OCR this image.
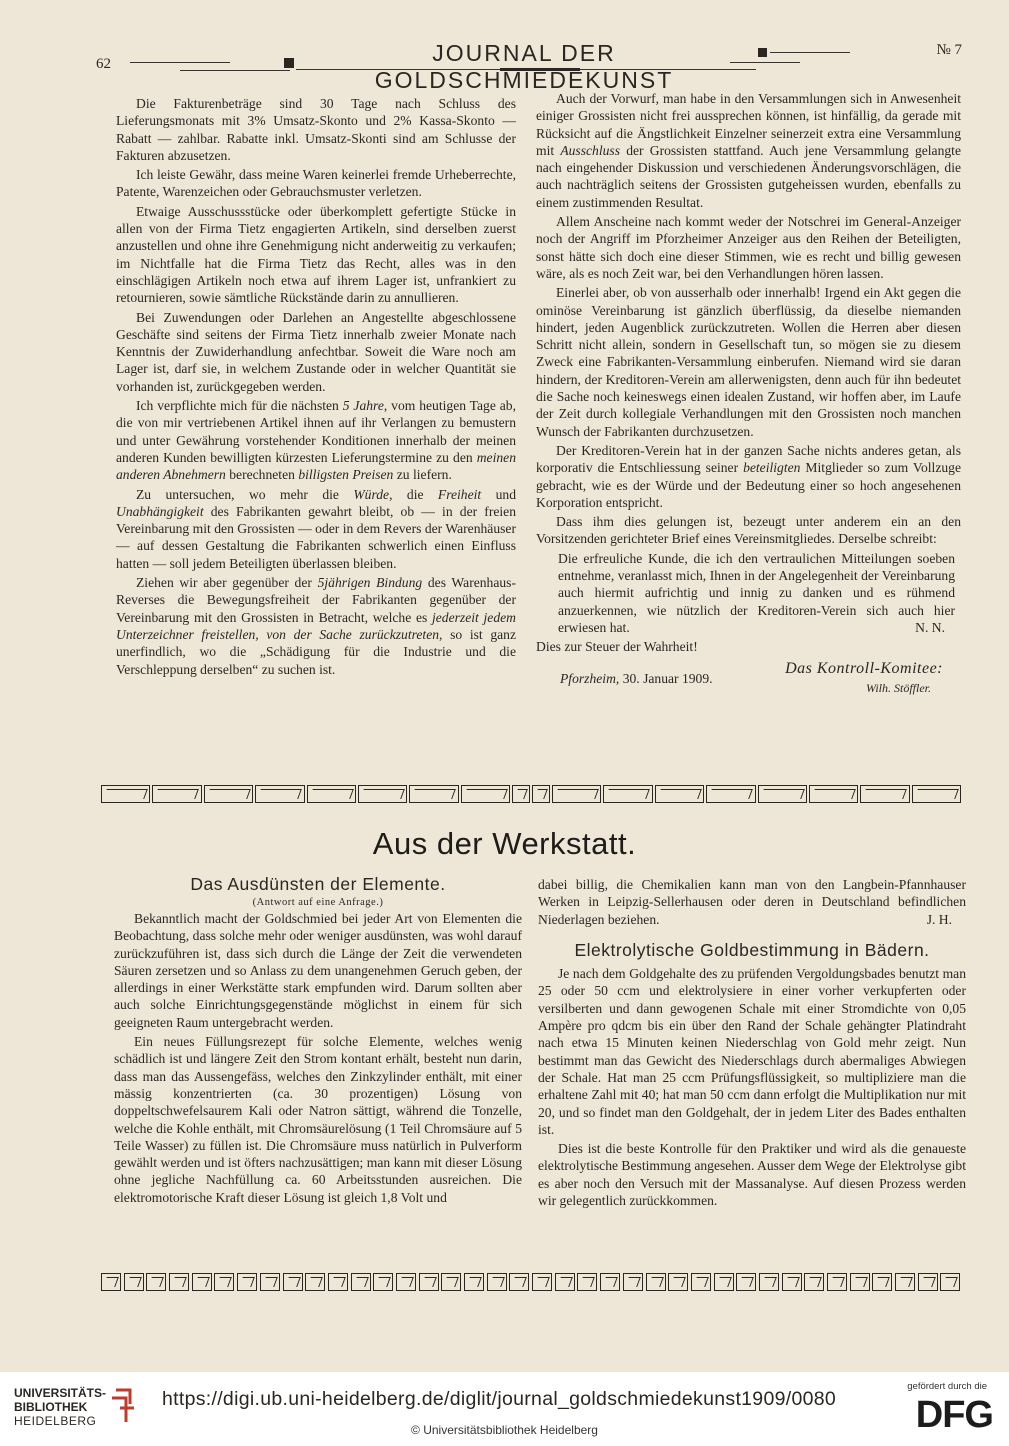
62	JOURNAL DER GOLDSCHMIEDEKUNST
№ 7

Die Fakturenbeträge sind 30 Tage nach Schluss des Lieferungsmonats mit 3% Umsatz-Skonto und 2% Kassa-Skonto — Rabatt — zahlbar. Rabatte inkl. Umsatz-Skonti sind am Schlusse der Fakturen abzusetzen.

Ich leiste Gewähr, dass meine Waren keinerlei fremde Urheberrechte, Patente, Warenzeichen oder Gebrauchsmuster verletzen.

Etwaige Ausschussstücke oder überkomplett gefertigte Stücke in allen von der Firma Tietz engagierten Artikeln, sind derselben zuerst anzustellen und ohne ihre Genehmigung nicht anderweitig zu verkaufen; im Nichtfalle hat die Firma Tietz das Recht, alles was in den einschlägigen Artikeln noch etwa auf ihrem Lager ist, unfrankiert zu retournieren, sowie sämtliche Rückstände darin zu annullieren.

Bei Zuwendungen oder Darlehen an Angestellte abgeschlossene Geschäfte sind seitens der Firma Tietz innerhalb zweier Monate nach Kenntnis der Zuwiderhandlung anfechtbar. Soweit die Ware noch am Lager ist, darf sie, in welchem Zustande oder in welcher Quantität sie vorhanden ist, zurückgegeben werden.

Ich verpflichte mich für die nächsten 5 Jahre, vom heutigen Tage ab, die von mir vertriebenen Artikel ihnen auf ihr Verlangen zu bemustern und unter Gewährung vorstehender Konditionen innerhalb der meinen anderen Kunden bewilligten kürzesten Lieferungstermine zu den meinen anderen Abnehmern berechneten billigsten Preisen zu liefern.

Zu untersuchen, wo mehr die Würde, die Freiheit und Unabhängigkeit des Fabrikanten gewahrt bleibt, ob — in der freien Vereinbarung mit den Grossisten — oder in dem Revers der Warenhäuser — auf dessen Gestaltung die Fabrikanten schwerlich einen Einfluss hatten — soll jedem Beteiligten überlassen bleiben.

Ziehen wir aber gegenüber der 5jährigen Bindung des Warenhaus-Reverses die Bewegungsfreiheit der Fabrikanten gegenüber der Vereinbarung mit den Grossisten in Betracht, welche es jederzeit jedem Unterzeichner freistellen, von der Sache zurückzutreten, so ist ganz unerfindlich, wo die „Schädigung für die Industrie und die Verschleppung derselben“ zu suchen ist.

Auch der Vorwurf, man habe in den Versammlungen sich in Anwesenheit einiger Grossisten nicht frei aussprechen können, ist hinfällig, da gerade mit Rücksicht auf die Ängstlichkeit Einzelner seinerzeit extra eine Versammlung mit Ausschluss der Grossisten stattfand. Auch jene Versammlung gelangte nach eingehender Diskussion und verschiedenen Änderungsvorschlägen, die auch nachträglich seitens der Grossisten gutgeheissen wurden, ebenfalls zu einem zustimmenden Resultat.

Allem Anscheine nach kommt weder der Notschrei im General-Anzeiger noch der Angriff im Pforzheimer Anzeiger aus den Reihen der Beteiligten, sonst hätte sich doch eine dieser Stimmen, wie es recht und billig gewesen wäre, als es noch Zeit war, bei den Verhandlungen hören lassen.

Einerlei aber, ob von ausserhalb oder innerhalb! Irgend ein Akt gegen die ominöse Vereinbarung ist gänzlich überflüssig, da dieselbe niemanden hindert, jeden Augenblick zurückzutreten. Wollen die Herren aber diesen Schritt nicht allein, sondern in Gesellschaft tun, so mögen sie zu diesem Zweck eine Fabrikanten-Versammlung einberufen. Niemand wird sie daran hindern, der Kreditoren-Verein am allerwenigsten, denn auch für ihn bedeutet die Sache noch keineswegs einen idealen Zustand, wir hoffen aber, im Laufe der Zeit durch kollegiale Verhandlungen mit den Grossisten noch manchen Wunsch der Fabrikanten durchzusetzen.

Der Kreditoren-Verein hat in der ganzen Sache nichts anderes getan, als korporativ die Entschliessung seiner beteiligten Mitglieder so zum Vollzuge gebracht, wie es der Würde und der Bedeutung einer so hoch angesehenen Korporation entspricht.

Dass ihm dies gelungen ist, bezeugt unter anderem ein an den Vorsitzenden gerichteter Brief eines Vereinsmitgliedes. Derselbe schreibt:

Die erfreuliche Kunde, die ich den vertraulichen Mitteilungen soeben entnehme, veranlasst mich, Ihnen in der Angelegenheit der Vereinbarung auch hiermit aufrichtig und innig zu danken und es rühmend anzuerkennen, wie nützlich der Kreditoren-Verein sich auch hier erwiesen hat.	N. N.

Dies zur Steuer der Wahrheit!

Pforzheim, 30. Januar 1909.
Das Kontroll-Komitee:
Wilh. Stöffler.
Aus der Werkstatt.
Das Ausdünsten der Elemente.
(Antwort auf eine Anfrage.)

Bekanntlich macht der Goldschmied bei jeder Art von Elementen die Beobachtung, dass solche mehr oder weniger ausdünsten, was wohl darauf zurückzuführen ist, dass sich durch die Länge der Zeit die verwendeten Säuren zersetzen und so Anlass zu dem unangenehmen Geruch geben, der allerdings in einer Werkstätte stark empfunden wird. Darum sollten aber auch solche Einrichtungsgegenstände möglichst in einem für sich geeigneten Raum untergebracht werden.

Ein neues Füllungsrezept für solche Elemente, welches wenig schädlich ist und längere Zeit den Strom kontant erhält, besteht nun darin, dass man das Aussengefäss, welches den Zinkzylinder enthält, mit einer mässig konzentrierten (ca. 30 prozentigen) Lösung von doppeltschwefelsaurem Kali oder Natron sättigt, während die Tonzelle, welche die Kohle enthält, mit Chromsäurelösung (1 Teil Chromsäure auf 5 Teile Wasser) zu füllen ist. Die Chromsäure muss natürlich in Pulverform gewählt werden und ist öfters nachzusättigen; man kann mit dieser Lösung ohne jegliche Nachfüllung ca. 60 Arbeitsstunden ausreichen. Die elektromotorische Kraft dieser Lösung ist gleich 1,8 Volt und

dabei billig, die Chemikalien kann man von den Langbein-Pfannhauser Werken in Leipzig-Sellerhausen oder deren in Deutschland befindlichen Niederlagen beziehen.	J. H.

Elektrolytische Goldbestimmung in Bädern.

Je nach dem Goldgehalte des zu prüfenden Vergoldungsbades benutzt man 25 oder 50 ccm und elektrolysiere in einer vorher verkupferten oder versilberten und dann gewogenen Schale mit einer Stromdichte von 0,05 Ampère pro qdcm bis ein über den Rand der Schale gehängter Platindraht nach etwa 15 Minuten keinen Niederschlag von Gold mehr zeigt. Nun bestimmt man das Gewicht des Niederschlags durch abermaliges Abwiegen der Schale. Hat man 25 ccm Prüfungsflüssigkeit, so multipliziere man die erhaltene Zahl mit 40; hat man 50 ccm dann erfolgt die Multiplikation nur mit 20, und so findet man den Goldgehalt, der in jedem Liter des Bades enthalten ist.

Dies ist die beste Kontrolle für den Praktiker und wird als die genaueste elektrolytische Bestimmung angesehen. Ausser dem Wege der Elektrolyse gibt es aber noch den Versuch mit der Massanalyse. Auf diesen Prozess werden wir gelegentlich zurückkommen.

UNIVERSITÄTS-
BIBLIOTHEK
HEIDELBERG
https://digi.ub.uni-heidelberg.de/diglit/journal_goldschmiedekunst1909/0080
© Universitätsbibliothek Heidelberg
gefördert durch die
DFG
